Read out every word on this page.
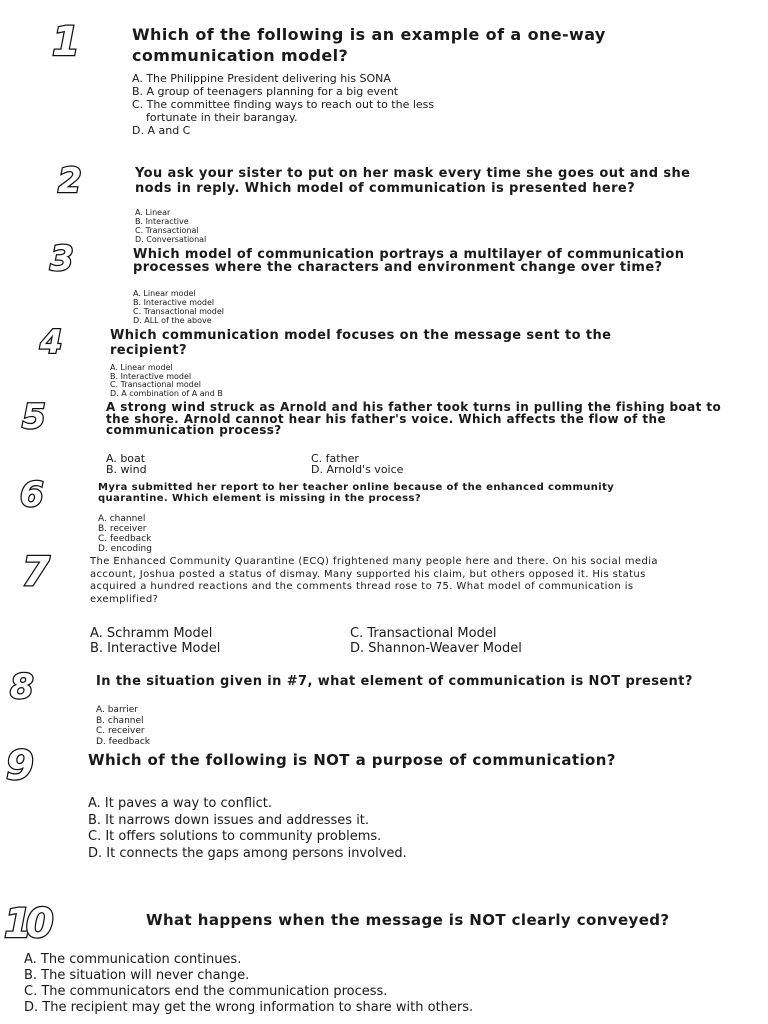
1	Which of the following is an example of a one-way communication model?
A. The Philippine President delivering his SONA
B. A group of teenagers planning for a big event
C. The committee finding ways to reach out to the less
fortunate in their barangay.
D. A and C
2	You ask your sister to put on her mask every time she goes out and she nods in reply. Which model of communication is presented here?
A. Linear
B. Interactive
C. Transactional
D. Conversational
3	Which model of communication portrays a multilayer of communication processes where the characters and environment change over time?
A. Linear model
B. Interactive model
C. Transactional model
D. ALL of the above
4	Which communication model focuses on the message sent to the recipient?
A. Linear model
B. Interactive model
C. Transactional model
D. A combination of A and B
5	A strong wind struck as Arnold and his father took turns in pulling the fishing boat to the shore. Arnold cannot hear his father's voice. Which affects the flow of the communication process?
A. boat	C. father
B. wind	D. Arnold's voice
6	Myra submitted her report to her teacher online because of the enhanced community quarantine. Which element is missing in the process?
A. channel
B. receiver
C. feedback
D. encoding
7	The Enhanced Community Quarantine (ECQ) frightened many people here and there. On his social media account, Joshua posted a status of dismay. Many supported his claim, but others opposed it. His status acquired a hundred reactions and the comments thread rose to 75. What model of communication is exemplified?
A. Schramm Model	C. Transactional Model
B. Interactive Model	D. Shannon-Weaver Model
8	In the situation given in #7, what element of communication is NOT present?
A. barrier
B. channel
C. receiver
D. feedback
9	Which of the following is NOT a purpose of communication?
A. It paves a way to conflict.
B. It narrows down issues and addresses it.
C. It offers solutions to community problems.
D. It connects the gaps among persons involved.
10	What happens when the message is NOT clearly conveyed?
A. The communication continues.
B. The situation will never change.
C. The communicators end the communication process.
D. The recipient may get the wrong information to share with others.
